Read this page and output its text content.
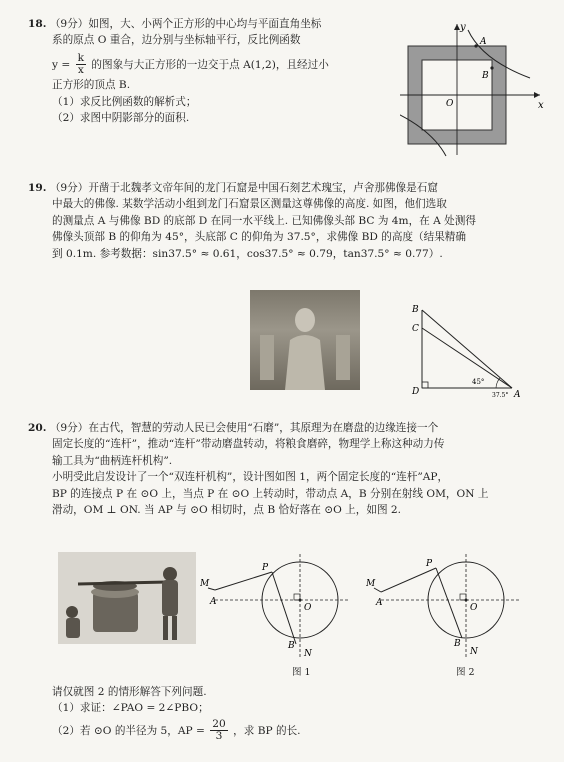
18. （9分）如图，大、小两个正方形的中心均与平面直角坐标
系的原点 O 重合，边分别与坐标轴平行，反比例函数
$y = \frac{k}{x}$ 的图象与大正方形的一边交于点 A(1,2)，且经过小
正方形的顶点 B.
（1）求反比例函数的解析式；
（2）求图中阴影部分的面积.
y
x
A
B
O
19. （9分）开凿于北魏孝文帝年间的龙门石窟是中国石刻艺术瑰宝，卢舍那佛像是石窟
中最大的佛像. 某数学活动小组到龙门石窟景区测量这尊佛像的高度. 如图，他们选取
的测量点 A 与佛像 BD 的底部 D 在同一水平线上. 已知佛像头部 BC 为 4m，在 A 处测得
佛像头顶部 B 的仰角为 45°，头底部 C 的仰角为 37.5°，求佛像 BD 的高度（结果精确
到 0.1m. 参考数据：sin37.5° ≈ 0.61，cos37.5° ≈ 0.79，tan37.5° ≈ 0.77）.
B
C
D	A
45°
37.5°
20. （9分）在古代，智慧的劳动人民已会使用“石磨”，其原理为在磨盘的边缘连接一个
固定长度的“连杆”，推动“连杆”带动磨盘转动，将粮食磨碎，物理学上称这种动力传
输工具为“曲柄连杆机构”.
小明受此启发设计了一个“双连杆机构”，设计图如图 1，两个固定长度的“连杆”AP，
BP 的连接点 P 在 ⊙O 上，当点 P 在 ⊙O 上转动时，带动点 A，B 分别在射线 OM，ON 上
滑动，OM ⊥ ON. 当 AP 与 ⊙O 相切时，点 B 恰好落在 ⊙O 上，如图 2.
M
A
P
O
B
N
图 1
M
A
P
O
B
N
图 2
请仅就图 2 的情形解答下列问题.
（1）求证：∠PAO = 2∠PBO；
（2）若 ⊙O 的半径为 5，AP = $\frac{20}{3}$ ，求 BP 的长.
